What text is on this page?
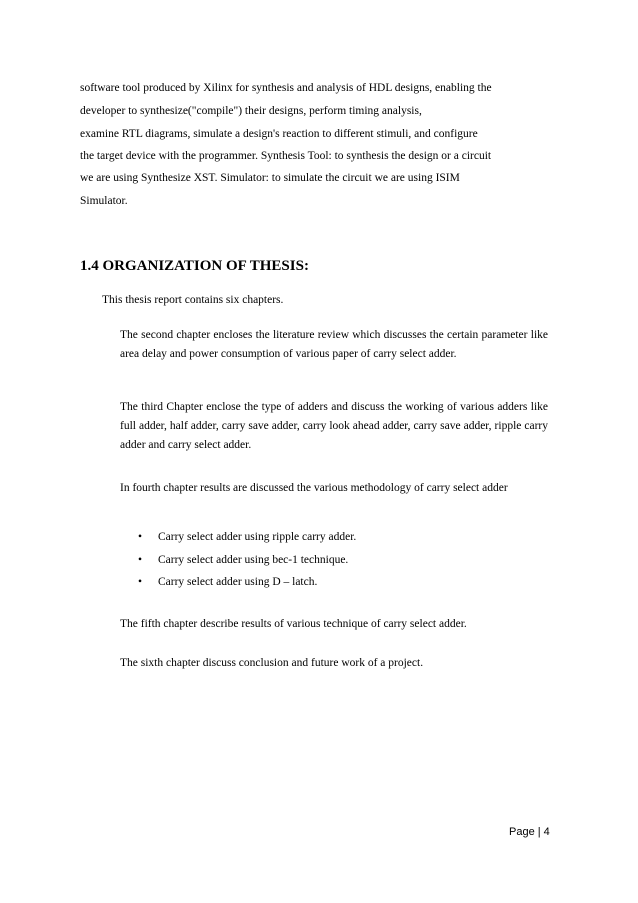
software tool produced by Xilinx for synthesis and analysis of HDL designs, enabling the
developer to synthesize("compile") their designs, perform timing analysis,
examine RTL diagrams, simulate a design's reaction to different stimuli, and configure
the target device with the programmer. Synthesis Tool: to synthesis the design or a circuit
we are using Synthesize XST. Simulator: to simulate the circuit we are using ISIM
Simulator.
1.4 ORGANIZATION OF THESIS:
This thesis report contains six chapters.
The second chapter encloses the literature review which discusses the certain parameter like area delay and power consumption of various paper of carry select adder.
The third Chapter enclose the type of adders and discuss the working of various adders like full adder, half adder, carry save adder, carry look ahead adder, carry save adder, ripple carry adder and carry select adder.
In fourth chapter results are discussed the various methodology of carry select adder
• Carry select adder using ripple carry adder.
• Carry select adder using bec-1 technique.
• Carry select adder using D – latch.
The fifth chapter describe results of various technique of carry select adder.
The sixth chapter discuss conclusion and future work of a project.
Page | 4
